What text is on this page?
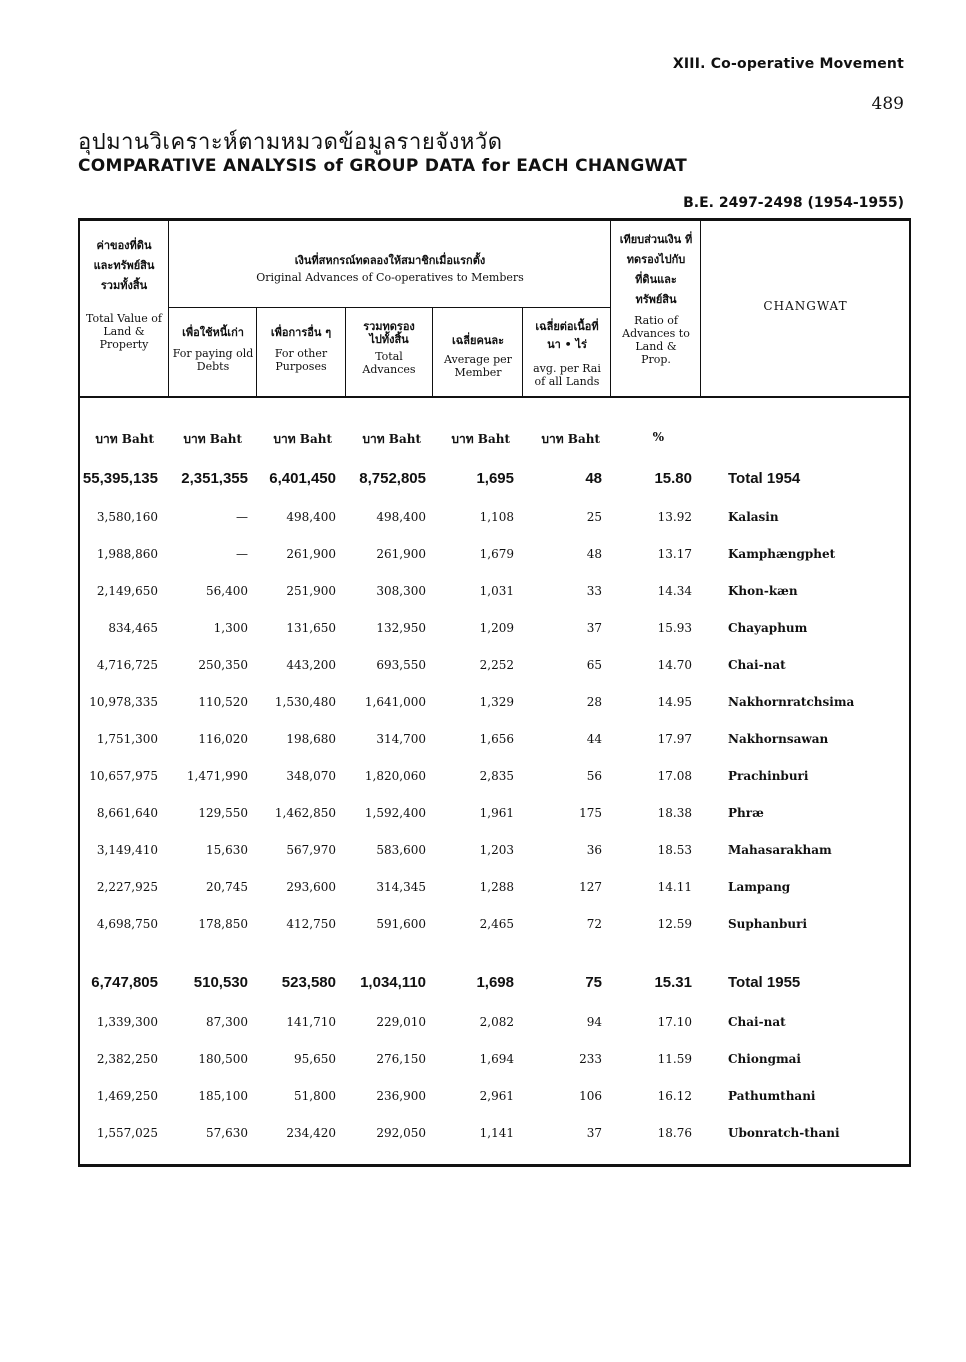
XIII. Co-operative Movement
489
อุปมานวิเคราะห์ตามหมวดข้อมูลรายจังหวัด
COMPARATIVE ANALYSIS of GROUP DATA for EACH CHANGWAT
B.E. 2497-2498 (1954-1955)
ค่าของที่ดิน และทรัพย์สิน รวมทั้งสิ้น
Total Value of Land & Property
เงินที่สหกรณ์ทดลองให้สมาชิกเมื่อแรกตั้ง
Original Advances of Co-operatives to Members
เพื่อใช้หนี้เก่า
For paying old Debts
เพื่อการอื่น ๆ
For other Purposes
รวมทดรอง ไปทั้งสิ้น
Total Advances
เฉลี่ยคนละ
Average per Member
เฉลี่ยต่อเนื้อที่ นา • ไร่
avg. per Rai of all Lands
เทียบส่วนเงิน ที่ทดรองไปกับ ที่ดินและ ทรัพย์สิน
Ratio of Advances to Land & Prop.
CHANGWAT
บาท Baht	บาท Baht	บาท Baht	บาท Baht	บาท Baht	บาท Baht	%
55,395,135 2,351,355 6,401,450 8,752,805	1,695	48	15.80 Total 1954
3,580,160	—	498,400	498,400	1,108	25	13.92	Kalasin
1,988,860	—	261,900	261,900	1,679	48	13.17	Kamphængphet
2,149,650	56,400	251,900	308,300	1,031	33	14.34	Khon-kæn
834,465	1,300	131,650	132,950	1,209	37	15.93	Chayaphum
4,716,725	250,350	443,200	693,550	2,252	65	14.70	Chai-nat
10,978,335	110,520 1,530,480 1,641,000	1,329	28	14.95	Nakhornratchsima
1,751,300	116,020	198,680	314,700	1,656	44	17.97	Nakhornsawan
10,657,975 1,471,990	348,070 1,820,060	2,835	56	17.08	Prachinburi
8,661,640	129,550 1,462,850 1,592,400	1,961	175	18.38	Phræ
3,149,410	15,630	567,970	583,600	1,203	36	18.53	Mahasarakham
2,227,925	20,745	293,600	314,345	1,288	127	14.11	Lampang
4,698,750	178,850	412,750	591,600	2,465	72	12.59	Suphanburi
6,747,805 510,530 523,580 1,034,110	1,698	75	15.31 Total 1955
1,339,300	87,300	141,710	229,010	2,082	94	17.10	Chai-nat
2,382,250	180,500	95,650	276,150	1,694	233	11.59	Chiongmai
1,469,250	185,100	51,800	236,900	2,961	106	16.12	Pathumthani
1,557,025	57,630	234,420	292,050	1,141	37	18.76	Ubonratch-thani
